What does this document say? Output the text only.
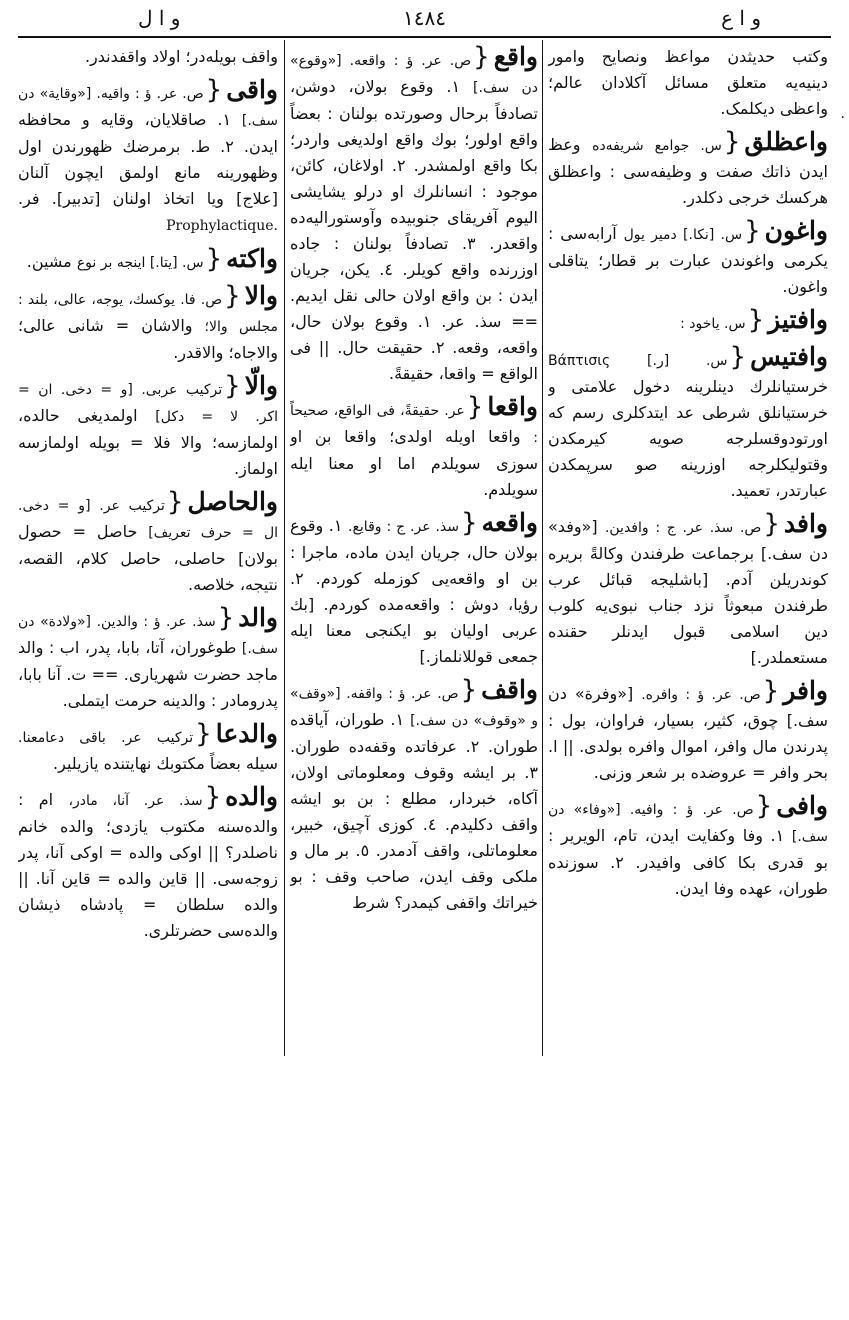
و ا ل	١٤٨٤	و ا ع
·
وکتب حدیثدن مواعظ ونصایح وامور دینیه‌یه متعلق مسائل آکلادان عالم؛ واعظی دیکلمک.
واعظلق{س. جوامع شریفه‌ده وعظ ایدن ذاتك صفت و وظیفه‌سی : واعظلق هرکسك خرجی دکلدر.
واغون{س. [نکا.] دمیر یول آرابه‌سی : یکرمی وا‌غوندن عبارت بر قطار؛ یتاقلی واغون.
وافتیز{س. یاخود :
وافتیس{س. [ر.] Βάπτισις خرستیانلرك دینلرینه دخول علامتی و خرستیانلق شرطی عد ایتدکلری رسم که اورتودوقسلرجه صویه کیرمکدن وقتولیکلرجه اوزرینه صو سرپمکدن عبارتدر، تعمید.
وافد{ص. سذ. عر. ج : وافدین. [«وفد» دن سف.] برجماعت طرفندن وکالةً بریره کوندریلن آدم. [باشلیجه قبائل عرب طرفندن مبعوثاً نزد جناب نبوی‌یه کلوب دین اسلامی قبول ایدنلر حقنده مستعملدر.]
وافر{ص. عر. ؤ : وافره. [«وفرة» دن سف.] چوق، کثیر، بسیار، فراوان، بول : پدرندن مال وافر، اموال وافره بولدی. || ا. بحر وافر = عروضده بر شعر وزنی.
وافی{ص. عر. ؤ : وافیه. [«وفاء» دن سف.] ١. وفا وکفایت ایدن، تام، الویریر : بو قدری بکا کافی وافیدر. ٢. سوزنده طوران، عهده وفا ایدن.
واقع{ص. عر. ؤ : واقعه. [«وقوع» دن سف.] ١. وقوع بولان، دوشن، تصادفاً برحال وصورتده بولنان : بعضاً واقع اولور؛ بوك واقع اولدیغی واردر؛ بکا واقع اولمشدر. ٢. اولاغان، کائن، موجود : انسانلرك او درلو یشایشی الیوم آفریقای جنوبیده وآوستورالیه‌ده واقعدر. ٣. تصادفاً بولنان : جاده اوزرنده واقع کویلر. ٤. یکن، جریان ایدن : بن واقع اولان حالی نقل ایدیم. == سذ. عر. ١. وقوع بولان حال، واقعه، وقعه. ٢. حقیقت حال. || فی الواقع = واقعا، حقیقةً.
واقعا{عر. حقیقةً، فی الواقع، صحیحاً : واقعا اویله اولدی؛ واقعا بن او سوزی سویلدم اما او معنا ایله سویلدم.
واقعه{سذ. عر. ج : وقایع. ١. وقوع بولان حال، جریان ایدن ماده، ماجرا : بن او واقعه‌یی کوزمله کوردم. ٢. رؤیا، دوش : واقعه‌مده کوردم. [بك عربی اولیان بو ایکنجی معنا ایله جمعی قوللانلماز.]
واقف{ص. عر. ؤ : واقفه. [«وقف» و «وقوف» دن سف.] ١. طوران، آیاقده طوران. ٢. عرفاتده وقفه‌ده طوران. ٣. بر ایشه وقوف ومعلوماتی اولان، آکاه، خبردار، مطلع : بن بو ایشه واقف دکلیدم. ٤. کوزی آچیق، خبیر، معلوماتلی، واقف آدمدر. ٥. بر مال و ملکی وقف ایدن، صاحب وقف : بو خیراتك واقفی کیمدر؟ شرط
واقف بویله‌در؛ اولاد واقفدندر.
واقی{ص. عر. ؤ : واقیه. [«وقایة» دن سف.] ١. صاقلایان، وقایه و محافظه ایدن. ٢. ط. برمرضك ظهورندن اول وظهورینه مانع اولمق ایچون آلنان [علاج] ویا اتخاذ اولنان [تدبیر]. فر. Prophylactique.
واکته{س. [یتا.] اینجه بر نوع مشین.
والا{ص. فا. یوکسك، یوجه، عالی، بلند : مجلس والا؛ والاشان = شانی عالی؛ والاجاه؛ والاقدر.
والّا{ترکیب عربی. [و = دخی. ان = اکر. لا = دکل] اولمدیغی حالده، اولمازسه؛ والا فلا = بویله اولمازسه اولماز.
والحاصل{ترکیب عر. [و = دخی. ال = حرف تعریف] حاصل = حصول بولان] حاصلی، حاصل کلام، القصه، نتیجه، خلاصه.
والد{سذ. عر. ؤ : والدین. [«ولادة» دن سف.] طوغوران، آتا، بابا، پدر، اب : والد ماجد حضرت شهریاری. == ت. آنا بابا، پدرومادر : والدینه حرمت ایتملی.
والدعا{ترکیب عر. باقی دعامعنا. سیله بعضاً مکتوبك نهایتنده یازیلیر.
والده{سذ. عر. آنا، مادر، ام : والده‌سنه مکتوب یازدی؛ والده خانم ناصلدر؟ || اوکی والده = اوکی آنا، پدر زوجه‌سی. || قاین والده = قاین آنا. || والده سلطان = پادشاه ذیشان والده‌سی حضرتلری.
